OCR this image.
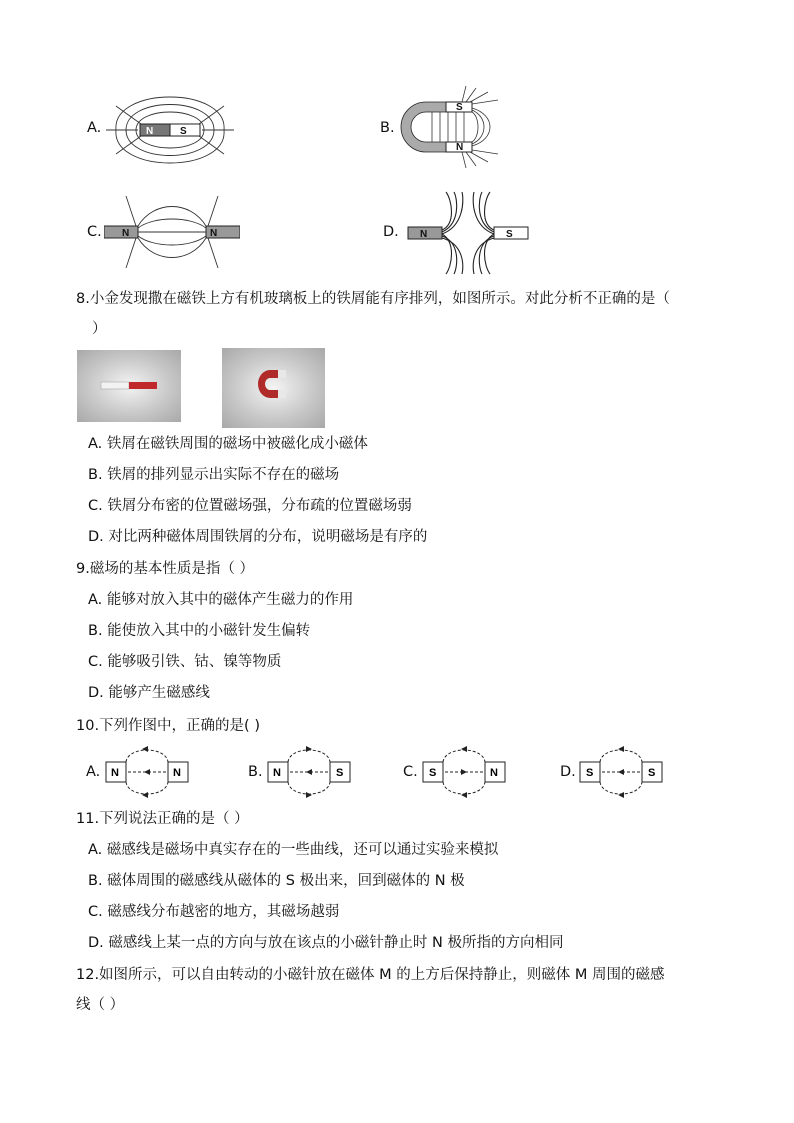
A.	N	S	B.
S
N
C. N	N	D. N	S
8.小金发现撒在磁铁上方有机玻璃板上的铁屑能有序排列，如图所示。对此分析不正确的是（
）
A. 铁屑在磁铁周围的磁场中被磁化成小磁体
B. 铁屑的排列显示出实际不存在的磁场
C. 铁屑分布密的位置磁场强，分布疏的位置磁场弱
D. 对比两种磁体周围铁屑的分布，说明磁场是有序的
9.磁场的基本性质是指（ ）
A. 能够对放入其中的磁体产生磁力的作用
B. 能使放入其中的小磁针发生偏转
C. 能够吸引铁、钴、镍等物质
D. 能够产生磁感线
10.下列作图中，正确的是( )
A. N	N	B. N	S	C. S	N	D. S	S
11.下列说法正确的是（ ）
A. 磁感线是磁场中真实存在的一些曲线，还可以通过实验来模拟
B. 磁体周围的磁感线从磁体的 S 极出来，回到磁体的 N 极
C. 磁感线分布越密的地方，其磁场越弱
D. 磁感线上某一点的方向与放在该点的小磁针静止时 N 极所指的方向相同
12.如图所示，可以自由转动的小磁针放在磁体 M 的上方后保持静止，则磁体 M 周围的磁感
线（ ）
